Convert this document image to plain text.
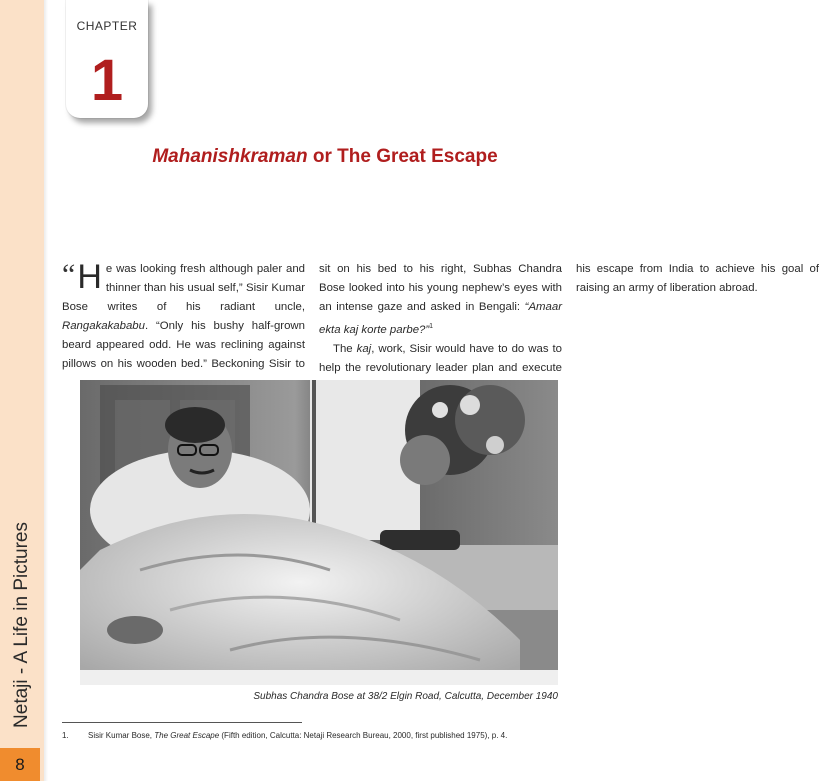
Netaji - A Life in Pictures
8
CHAPTER
1
Mahanishkraman or The Great Escape

“ H e was looking fresh although paler and thinner than his usual self,” Sisir Kumar Bose writes of his radiant uncle, Rangakakababu. “Only his bushy half-grown beard appeared odd. He was reclining against pillows on his wooden bed.” Beckoning Sisir to sit on his bed to his right, Subhas Chandra Bose looked into his young nephew’s eyes with an intense gaze and asked in Bengali: “Amaar ekta kaj korte parbe?”$^1$

The kaj, work, Sisir would have to do was to help the revolutionary leader plan and execute his escape from India to achieve his goal of raising an army of liberation abroad.

Subhas Chandra Bose at 38/2 Elgin Road, Calcutta, December 1940
1. Sisir Kumar Bose, The Great Escape (Fifth edition, Calcutta: Netaji Research Bureau, 2000, first published 1975), p. 4.
